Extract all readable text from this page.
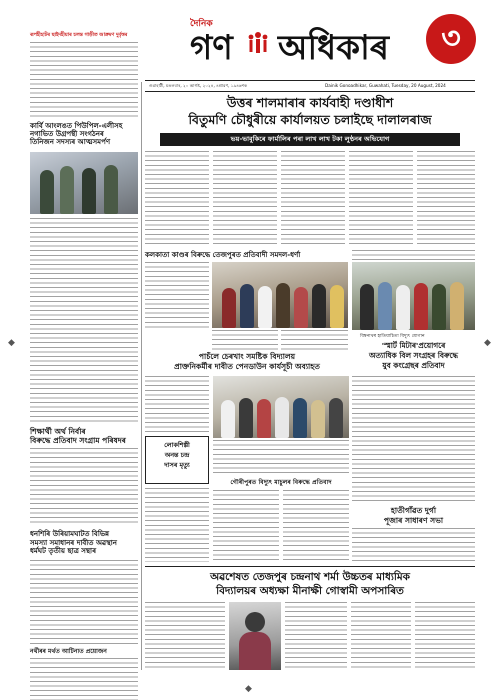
দৈনিক
গণ অধিকাৰ	৩
ৰূপহীহাটৰ ছাইদহীয়াৰ চলন্ত গাড়ীত আক্ৰমণ দুৰ্বৃত্তৰ
কাৰ্বি আংলঙত পিউপিল-এলীসহ
নগাভিত উগ্ৰপন্থী সংগঠনৰ
তিনিজন সদস্যৰ আত্মসমৰ্পণ
শিক্ষাৰ্থী অৰ্থ নিৰ্বাৰ
বিৰুদ্ধে প্ৰতিবাদ সংগ্ৰাম পৰিষদৰ
ধনশিৰি উৰিয়ামঘাটত বিভিন্ন
সমস্যা সমাধানৰ দাবীত অৱস্থান
ধৰ্মঘট তৃতীয় ছাত্ৰ সন্থাৰ
নৰ্থীৰৰ মৰ্থত আটিনাত প্ৰয়োজন
গুৱাহাটী, মঙলবাৰ, ২০ আগষ্ট, ২০২৪, ৪শ্ৰাৱণ, ১৯৪৬শক	Dainik Gonoadhikar, Guwahati, Tuesday, 20 August, 2024
উত্তৰ শালমাৰাৰ কাৰ্যবাহী দণ্ডাধীশ
বিতুমণি চৌধুৰীয়ে কাৰ্যালয়ত চলাইছে দালালৰাজ
ভয়-ভাবুকিৰে ফাৰ্মালিৰ পৰা লাখ লাখ টকা লুণ্ঠনৰ অভিযোগ
কলকাতা কাণ্ডৰ বিৰুদ্ধে তেজপুৰত প্ৰতিবাদী সমদল-ধৰ্ণা
বিশ্বনাথৰ হাতিয়াচিতা বিদ্যুৎ যোগান
'স্মাৰ্ট মিটাৰ'প্ৰয়োগৰে
অত্যাধিক বিল সংগ্ৰহৰ বিৰুদ্ধে
যুব কংগ্ৰেছৰ প্ৰতিবাদ
হাতীগাঁৱত দুৰ্গা
পূজাৰ সাধাৰণ সভা
পাচঁলে চেৰখাং সমষ্টিক বিদ্যালয়
প্ৰাক্তনিকৰ্মীৰ দাবীত পেনডাউন কাৰ্যসূচী অব্যাহত
লোকশিল্পী
অনন্ত চন্দ্ৰ
দাসৰ মৃত্যু
গৌৰীপুৰত বিদ্যুৎ মাচুলৰ বিৰুদ্ধে প্ৰতিবাদ
অৱশেষত তেজপুৰ চন্দ্ৰনাথ শৰ্মা উচ্চতৰ মাধ্যমিক
বিদ্যালয়ৰ অধ্যক্ষা মীনাক্ষী গোস্বামী অপসাৰিত
◆	◆
◆
